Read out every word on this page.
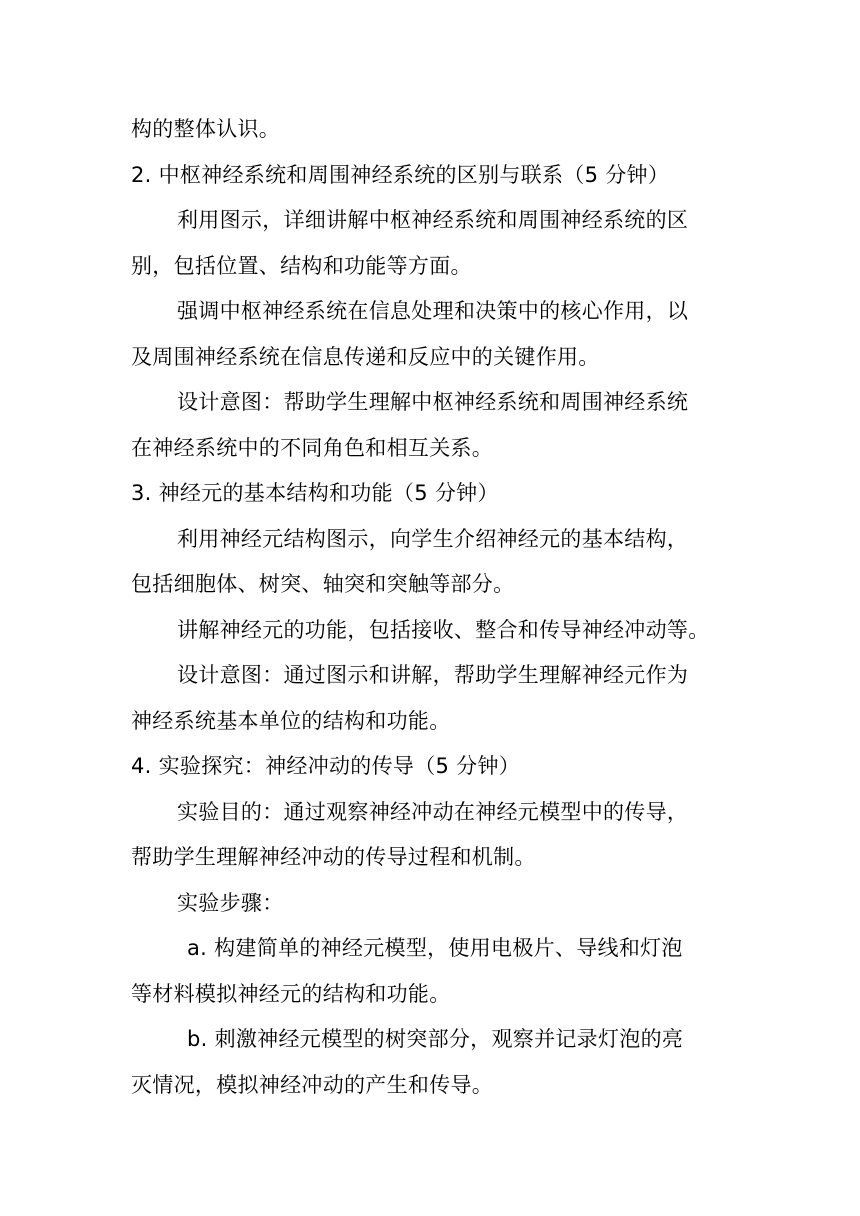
构的整体认识。
2. 中枢神经系统和周围神经系统的区别与联系（5 分钟）
利用图示，详细讲解中枢神经系统和周围神经系统的区
别，包括位置、结构和功能等方面。
强调中枢神经系统在信息处理和决策中的核心作用，以
及周围神经系统在信息传递和反应中的关键作用。
设计意图：帮助学生理解中枢神经系统和周围神经系统
在神经系统中的不同角色和相互关系。
3. 神经元的基本结构和功能（5 分钟）
利用神经元结构图示，向学生介绍神经元的基本结构，
包括细胞体、树突、轴突和突触等部分。
讲解神经元的功能，包括接收、整合和传导神经冲动等。
设计意图：通过图示和讲解，帮助学生理解神经元作为
神经系统基本单位的结构和功能。
4. 实验探究：神经冲动的传导（5 分钟）
实验目的：通过观察神经冲动在神经元模型中的传导，
帮助学生理解神经冲动的传导过程和机制。
实验步骤：
a. 构建简单的神经元模型，使用电极片、导线和灯泡
等材料模拟神经元的结构和功能。
b. 刺激神经元模型的树突部分，观察并记录灯泡的亮
灭情况，模拟神经冲动的产生和传导。
